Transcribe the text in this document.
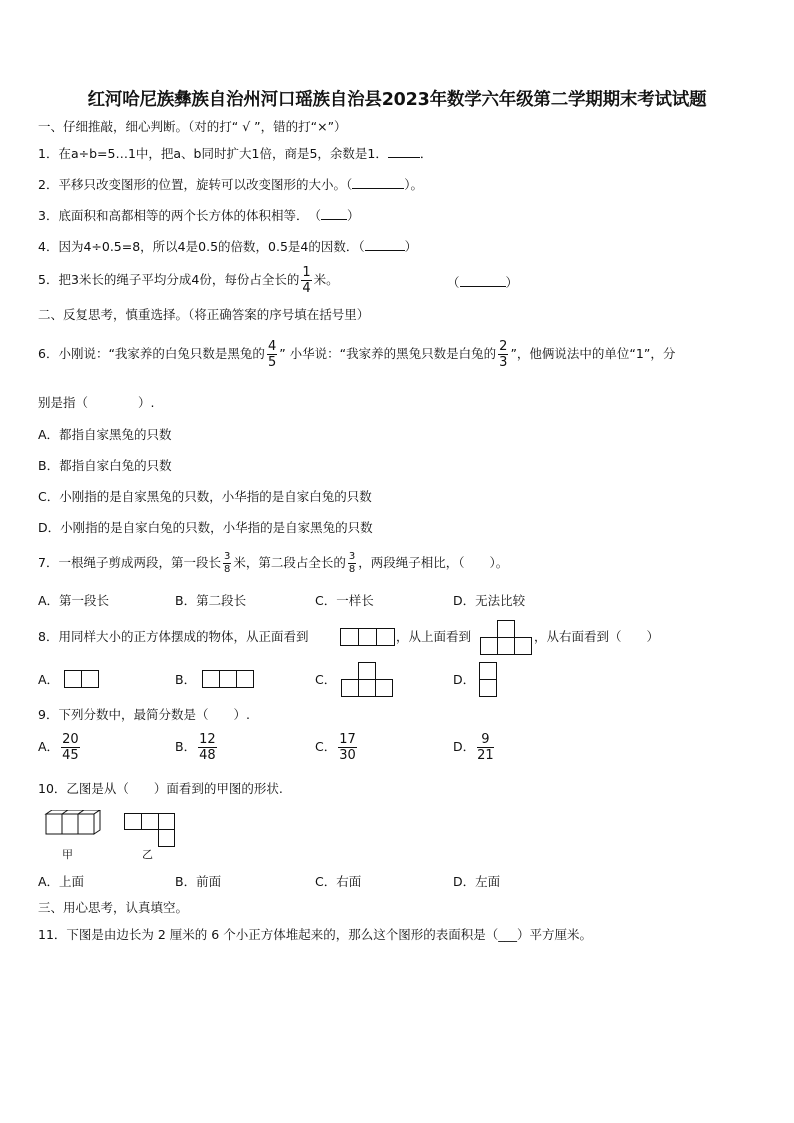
红河哈尼族彝族自治州河口瑶族自治县2023年数学六年级第二学期期末考试试题
一、仔细推敲，细心判断。（对的打“ √ ”，错的打“×”）
1．在a÷b=5…1中，把a、b同时扩大1倍，商是5，余数是1．	．
2．平移只改变图形的位置，旋转可以改变图形的大小。（	）。
3．底面积和高都相等的两个长方体的体积相等．　（ ）
4．因为4÷0.5=8，所以4是0.5的倍数，0.5是4的因数．（	）
5．把3米长的绳子平均分成4份，每份占全长的 $\frac{1}{4}$ 米。	（	）
二、反复思考，慎重选择。（将正确答案的序号填在括号里）
6．小刚说：“我家养的白兔只数是黑兔的 $\frac{4}{5}$ ” 小华说：“我家养的黑兔只数是白兔的 $\frac{2}{3}$ ”，他俩说法中的单位“1”，分
别是指（　　　　）.
A．都指自家黑兔的只数
B．都指自家白兔的只数
C．小刚指的是自家黑兔的只数，小华指的是自家白兔的只数
D．小刚指的是自家白兔的只数，小华指的是自家黑兔的只数
7．一根绳子剪成两段，第一段长 $\frac{3}{8}$ 米，第二段占全长的 $\frac{3}{8}$ ，两段绳子相比，（　　）。
A．第一段长	B．第二段长	C．一样长	D．无法比较
8．用同样大小的正方体摆成的物体，从正面看到	，从上面看到	，从右面看到（　　）
A．	B．	C．	D．
9．下列分数中，最简分数是（　　）.
A． $\frac{20}{45}$	B． $\frac{12}{48}$	C． $\frac{17}{30}$	D． $\frac{9}{21}$
10．乙图是从（　　）面看到的甲图的形状.
甲	乙
A．上面	B．前面	C．右面	D．左面
三、用心思考，认真填空。
11．下图是由边长为 2 厘米的 6 个小正方体堆起来的，那么这个图形的表面积是（___）平方厘米。
